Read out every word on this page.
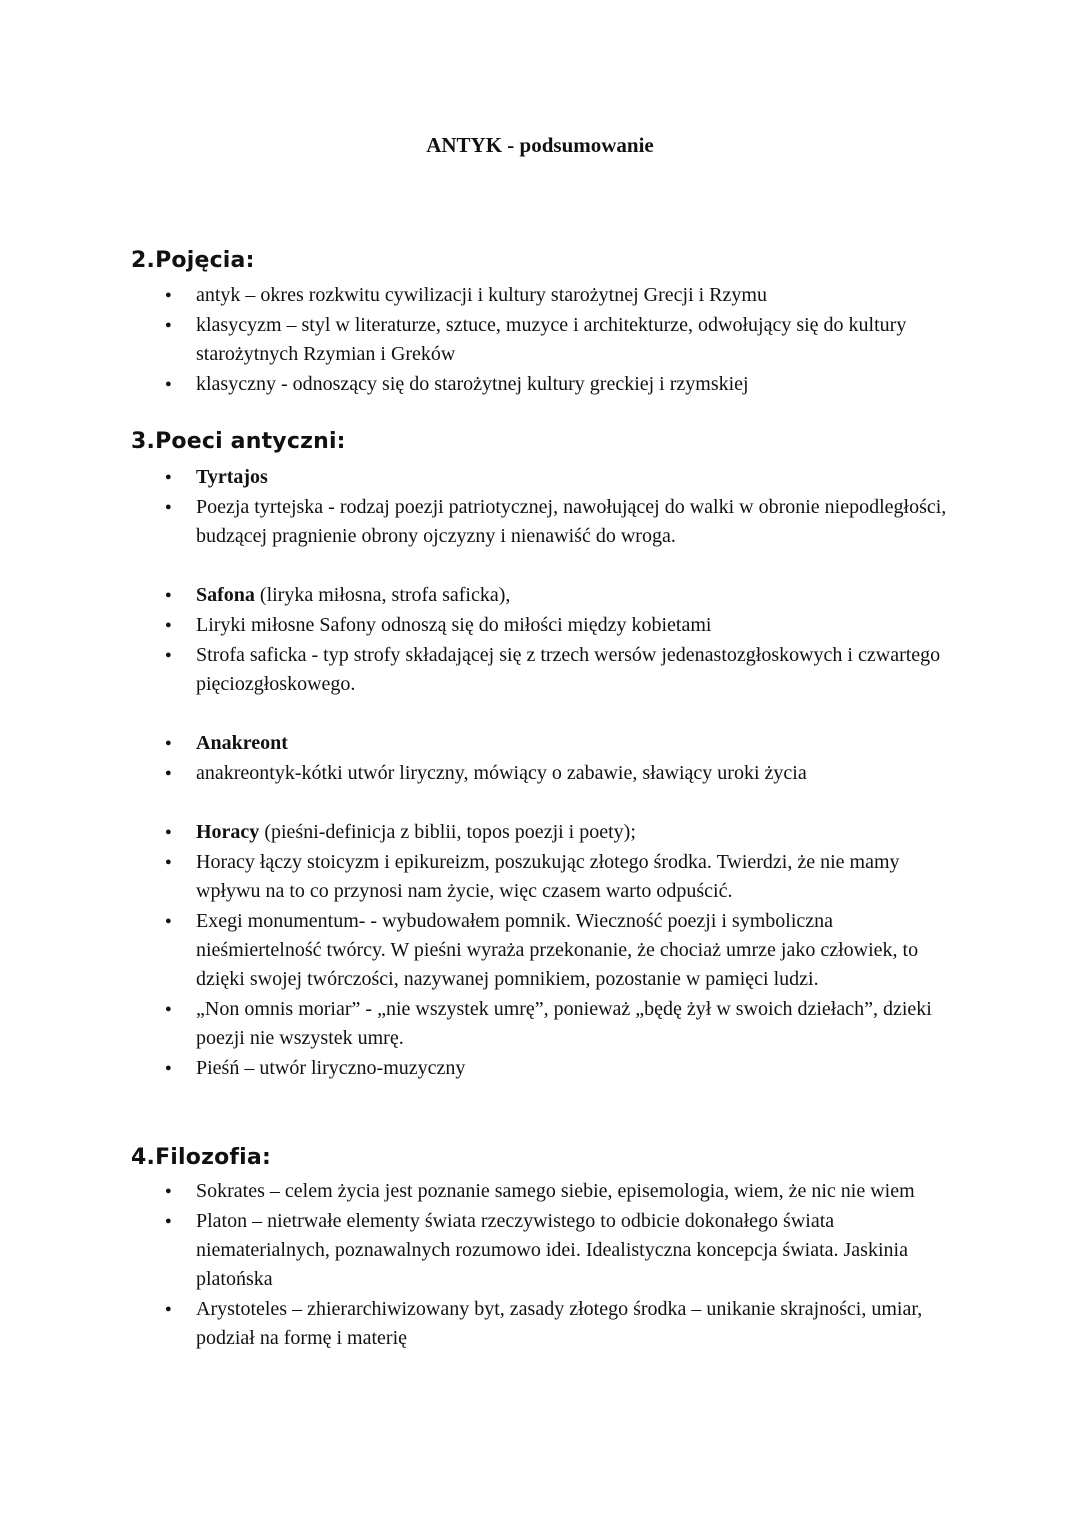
ANTYK - podsumowanie
2.Pojęcia:
● antyk – okres rozkwitu cywilizacji i kultury starożytnej Grecji i Rzymu
● klasycyzm – styl w literaturze, sztuce, muzyce i architekturze, odwołujący się do kultury starożytnych Rzymian i Greków
● klasyczny - odnoszący się do starożytnej kultury greckiej i rzymskiej
3.Poeci antyczni:
● Tyrtajos
● Poezja tyrtejska - rodzaj poezji patriotycznej, nawołującej do walki w obronie niepodległości, budzącej pragnienie obrony ojczyzny i nienawiść do wroga.
● Safona (liryka miłosna, strofa saficka),
● Liryki miłosne Safony odnoszą się do miłości między kobietami
● Strofa saficka - typ strofy składającej się z trzech wersów jedenastozgłoskowych i czwartego pięciozgłoskowego.
● Anakreont
● anakreontyk-kótki utwór liryczny, mówiący o zabawie, sławiący uroki życia
● Horacy (pieśni-definicja z biblii, topos poezji i poety);
● Horacy łączy stoicyzm i epikureizm, poszukując złotego środka. Twierdzi, że nie mamy wpływu na to co przynosi nam życie, więc czasem warto odpuścić.
● Exegi monumentum- - wybudowałem pomnik. Wieczność poezji i symboliczna nieśmiertelność twórcy. W pieśni wyraża przekonanie, że chociaż umrze jako człowiek, to dzięki swojej twórczości, nazywanej pomnikiem, pozostanie w pamięci ludzi.
● „Non omnis moriar” - „nie wszystek umrę”, ponieważ „będę żył w swoich dziełach”, dzieki poezji nie wszystek umrę.
● Pieśń – utwór liryczno-muzyczny
4.Filozofia:
● Sokrates – celem życia jest poznanie samego siebie, episemologia, wiem, że nic nie wiem
● Platon – nietrwałe elementy świata rzeczywistego to odbicie dokonałego świata niematerialnych, poznawalnych rozumowo idei. Idealistyczna koncepcja świata. Jaskinia platońska
● Arystoteles – zhierarchiwizowany byt, zasady złotego środka – unikanie skrajności, umiar, podział na formę i materię
